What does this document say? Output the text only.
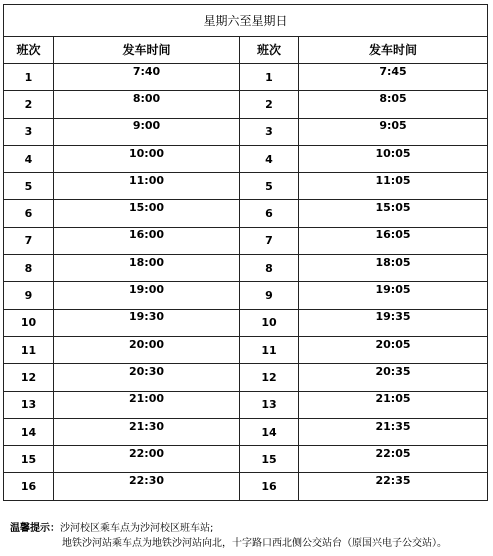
星期六至星期日			
班次	发车时间	班次	发车时间
1	7:40	1	7:45
2	8:00	2	8:05
3	9:00	3	9:05
4	10:00	4	10:05
5	11:00	5	11:05
6	15:00	6	15:05
7	16:00	7	16:05
8	18:00	8	18:05
9	19:00	9	19:05
10	19:30	10	19:35
11	20:00	11	20:05
12	20:30	12	20:35
13	21:00	13	21:05
14	21:30	14	21:35
15	22:00	15	22:05
16	22:30	16	22:35
温馨提示：沙河校区乘车点为沙河校区班车站;
地铁沙河站乘车点为地铁沙河站向北，十字路口西北侧公交站台（原国兴电子公交站）。
